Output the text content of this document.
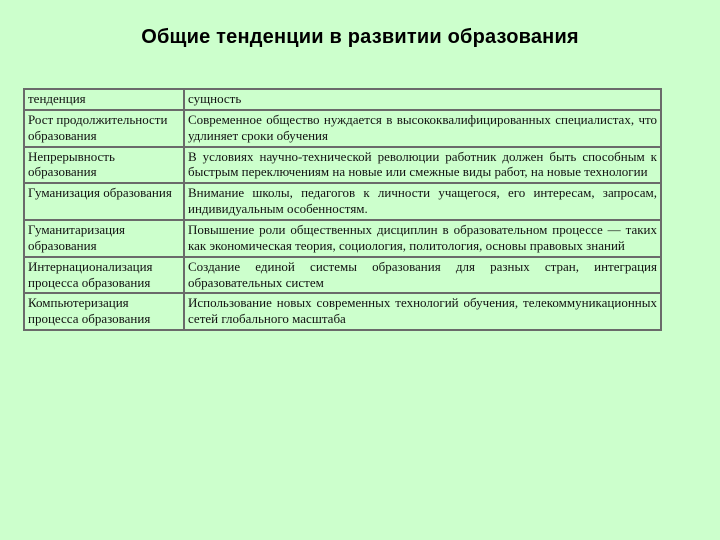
Общие тенденции в развитии образования
тенденция	сущность
Рост продолжительности образования	Современное общество нуждается в высококвалифицированных специалистах, что удлиняет сроки обучения
Непрерывность образования	В условиях научно-технической революции работник должен быть способным к быстрым переключениям на новые или смежные виды работ, на новые технологии
Гуманизация образования	Внимание школы, педагогов к личности учащегося, его интересам, запросам, индивидуальным особенностям.
Гуманитаризация образования	Повышение роли общественных дисциплин в образовательном процессе — таких как экономическая теория, социология, политология, основы правовых знаний
Интернационализация процесса образования	Создание единой системы образования для разных стран, интеграция образовательных систем
Компьютеризация процесса образования	Использование новых современных технологий обучения, телекоммуникационных сетей глобального масштаба
